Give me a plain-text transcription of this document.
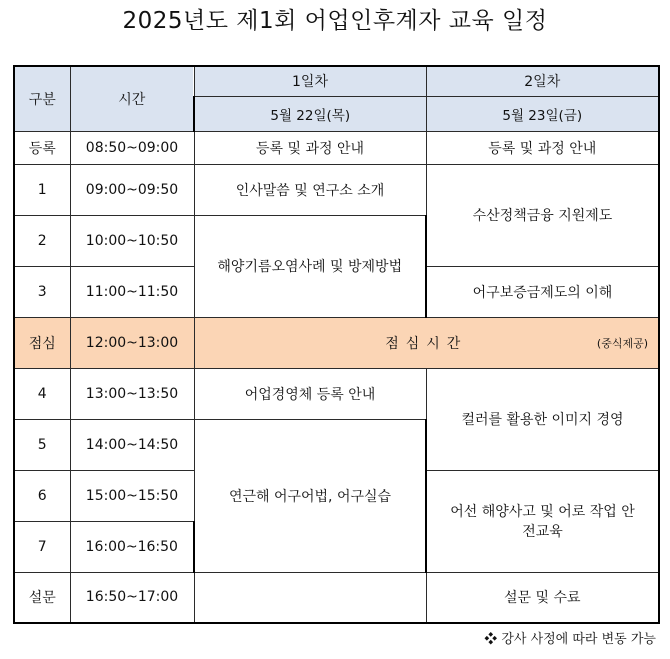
2025년도 제1회 어업인후계자 교육 일정
구분	시간	1일차	2일차
		5월 22일(목)	5월 23일(금)
등록	08:50~09:00	등록 및 과정 안내	등록 및 과정 안내
1	09:00~09:50	인사말씀 및 연구소 소개	수산정책금융 지원제도
2	10:00~10:50	해양기름오염사례 및 방제방법	
3	11:00~11:50		어구보증금제도의 이해
점심	12:00~13:00	점심시간 (중식제공)	

4	13:00~13:50	어업경영체 등록 안내	컬러를 활용한 이미지 경영
5	14:00~14:50	연근해 어구어법, 어구실습	
6	15:00~15:50		어선 해양사고 및 어로 작업 안전교육
7	16:00~16:50		
설문	16:50~17:00		설문 및 수료
❖ 강사 사정에 따라 변동 가능
